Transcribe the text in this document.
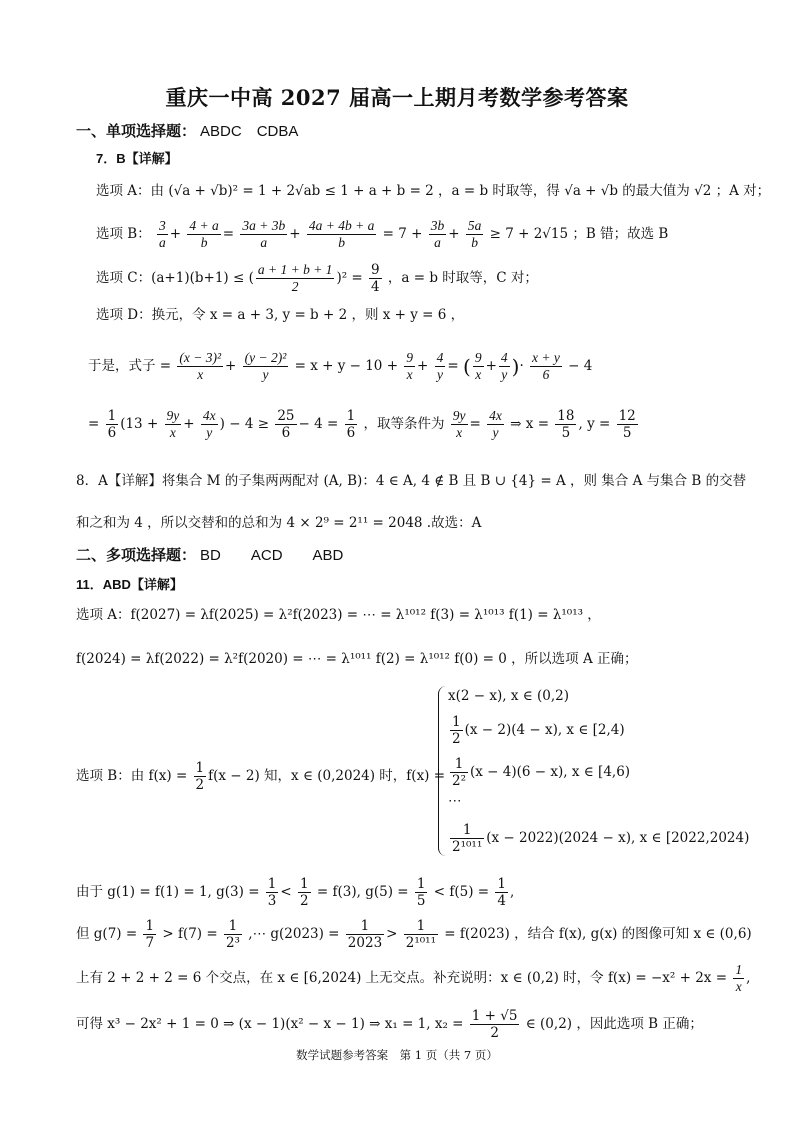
重庆一中高 2027 届高一上期月考数学参考答案
一、单项选择题： ABDC　CDBA
7．B【详解】
选项 A：由 (√a + √b)² = 1 + 2√ab ≤ 1 + a + b = 2 ，a = b 时取等，得 √a + √b 的最大值为 √2 ；A 对；
选项 B： $\frac{3}{a} + \frac{4 + a}{b} = \frac{3a + 3b}{a} + \frac{4a + 4b + a}{b} = 7 + \frac{3b}{a} + \frac{5a}{b} \ge 7 + 2√15$ ；B 错；故选 B
选项 C：(a+1)(b+1) ≤ ( $\frac{a + 1 + b + 1}{2} )^2 = \frac{9}{4}$ ，a = b 时取等，C 对；
选项 D：换元，令 x = a + 3, y = b + 2 ，则 x + y = 6 ，
于是，式子 = $\frac{\text{(x − 3)²}}{x} + \frac{\text{(y − 2)²}}{y} = x + y - 10 + \frac{9}{x} + \frac{4}{y}$ = ( $\frac{9}{x} + \frac{4}{y}$ )· $\frac{x + y}{6} - 4$
= $\frac{1}{6} (13 + \frac{9y}{x} + \frac{4x}{y}$ ) − $4 \ge \frac{25}{6} - 4 = \frac{1}{6}$ ，取等条件为 $\frac{9y}{x} = \frac{4x}{y}$ ⇒ $x = \frac{18}{5}$ , $y = \frac{12}{5}$
8．A【详解】将集合 M 的子集两两配对 (A, B)：4 ∈ A, 4 ∉ B 且 B ∪ {4} = A ，则 集合 A 与集合 B 的交替
和之和为 4 ，所以交替和的总和为 4 × 2⁹ = 2¹¹ = 2048 .故选：A
二、多项选择题： BD　　ACD　　ABD
11．ABD【详解】
选项 A：f(2027) = λf(2025) = λ²f(2023) = ⋯ = λ¹⁰¹² f(3) = λ¹⁰¹³ f(1) = λ¹⁰¹³ ，
f(2024) = λf(2022) = λ²f(2020) = ⋯ = λ¹⁰¹¹ f(2) = λ¹⁰¹² f(0) = 0 ，所以选项 A 正确；
选项 B：由 $f(x) = \frac{1}{2} f(x - 2)$ 知，x ∈ (0,2024) 时，f(x) =
x(2 − x), x ∈ (0,2)
$\frac{1}{2} (x - 2)(4 - x)$, x ∈ [2,4)
$\frac{1}{\text{2²}} (x - 4)(6 - x)$, x ∈ [4,6)
⋯
$\frac{1}{\text{2¹⁰¹¹}} (x - 2022)(2024 - x)$, x ∈ [2022,2024)
由于 g(1) = f(1) = 1, $g(3) = \frac{1}{3} < \frac{1}{2} = f(3)$, $g(5) = \frac{1}{5} < f(5) = \frac{1}{4}$ ,
但 $g(7) = \frac{1}{7} > f(7) = \frac{1}{\text{2³}}$ ,⋯ $g(2023) = \frac{1}{2023} > \frac{1}{\text{2¹⁰¹¹}} = f(2023)$ ，结合 f(x), g(x) 的图像可知 x ∈ (0,6)
上有 2 + 2 + 2 = 6 个交点，在 x ∈ [6,2024) 上无交点。补充说明：x ∈ (0,2) 时，令 $f(x) = -x^2 + 2x = \frac{1}{x}$ ,
可得 x³ − 2x² + 1 = 0 ⇒ (x − 1)(x² − x − 1) ⇒ x₁ = 1, $x_2 = \frac{1 + √5}{2}$ ∈ (0,2) ，因此选项 B 正确；
数学试题参考答案　第 1 页（共 7 页）
